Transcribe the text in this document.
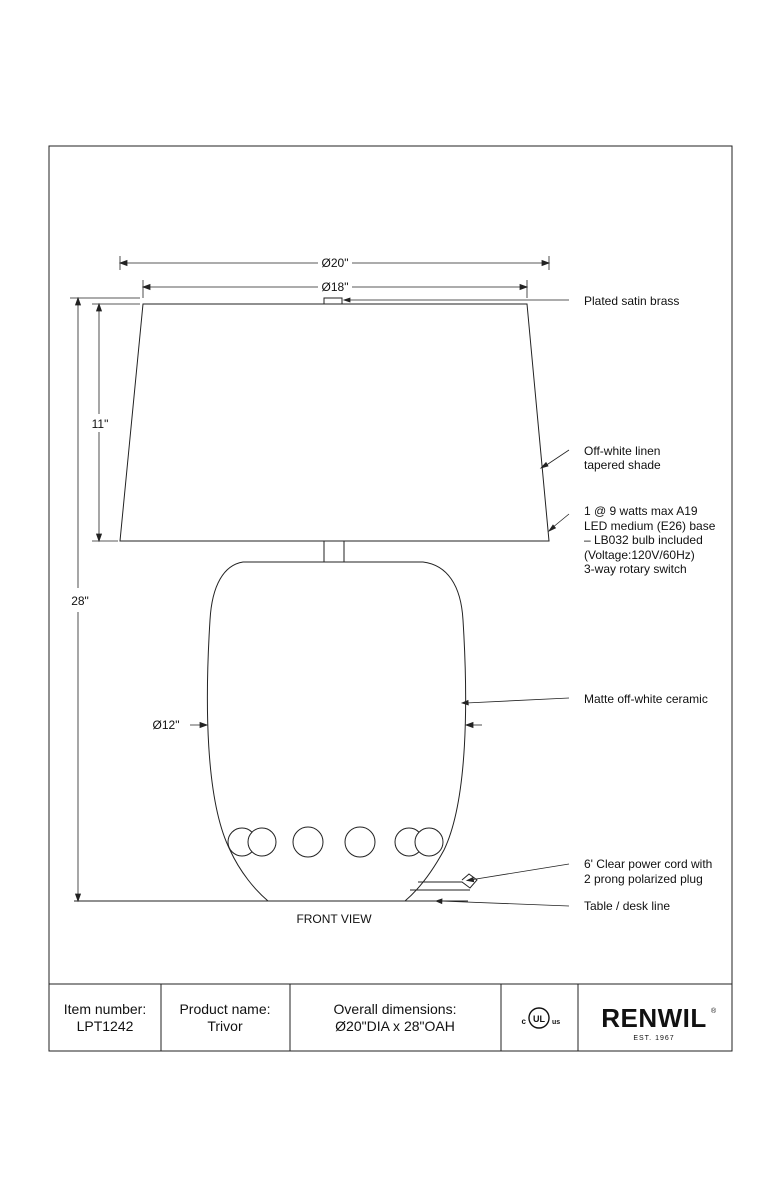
Ø20"
Ø18"
28"
11"
Ø12"
Plated satin brass
Off-white linen
tapered shade
1 @ 9 watts max A19
LED medium (E26) base
– LB032 bulb included
(Voltage:120V/60Hz)
3-way rotary switch
Matte off-white ceramic
6' Clear power cord with
2 prong polarized plug
Table / desk line
FRONT VIEW
Item number:
LPT1242
Product name:
Trivor
Overall dimensions:
Ø20"DIA x 28"OAH	UL
c	us RENWIL ®
EST. 1967
